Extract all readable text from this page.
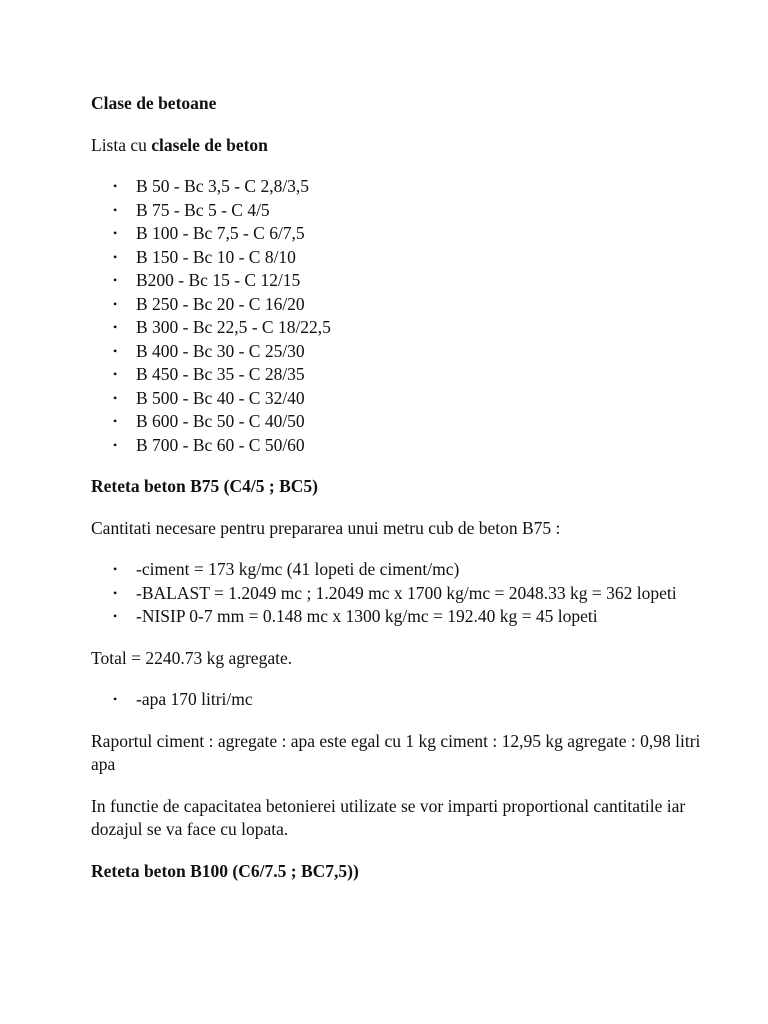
Clase de betoane

Lista cu clasele de beton

• B 50 - Bc 3,5 - C 2,8/3,5
• B 75 - Bc 5 - C 4/5
• B 100 - Bc 7,5 - C 6/7,5
• B 150 - Bc 10 - C 8/10
• B200 - Bc 15 - C 12/15
• B 250 - Bc 20 - C 16/20
• B 300 - Bc 22,5 - C 18/22,5
• B 400 - Bc 30 - C 25/30
• B 450 - Bc 35 - C 28/35
• B 500 - Bc 40 - C 32/40
• B 600 - Bc 50 - C 40/50
• B 700 - Bc 60 - C 50/60
Reteta beton B75 (C4/5 ; BC5)

Cantitati necesare pentru prepararea unui metru cub de beton B75 :

• -ciment = 173 kg/mc (41 lopeti de ciment/mc)
• -BALAST = 1.2049 mc ; 1.2049 mc x 1700 kg/mc = 2048.33 kg = 362 lopeti
• -NISIP 0-7 mm = 0.148 mc x 1300 kg/mc = 192.40 kg = 45 lopeti

Total = 2240.73 kg agregate.

• -apa 170 litri/mc

Raportul ciment : agregate : apa este egal cu 1 kg ciment : 12,95 kg agregate : 0,98 litri apa

In functie de capacitatea betonierei utilizate se vor imparti proportional cantitatile iar dozajul se va face cu lopata.

Reteta beton B100 (C6/7.5 ; BC7,5))
